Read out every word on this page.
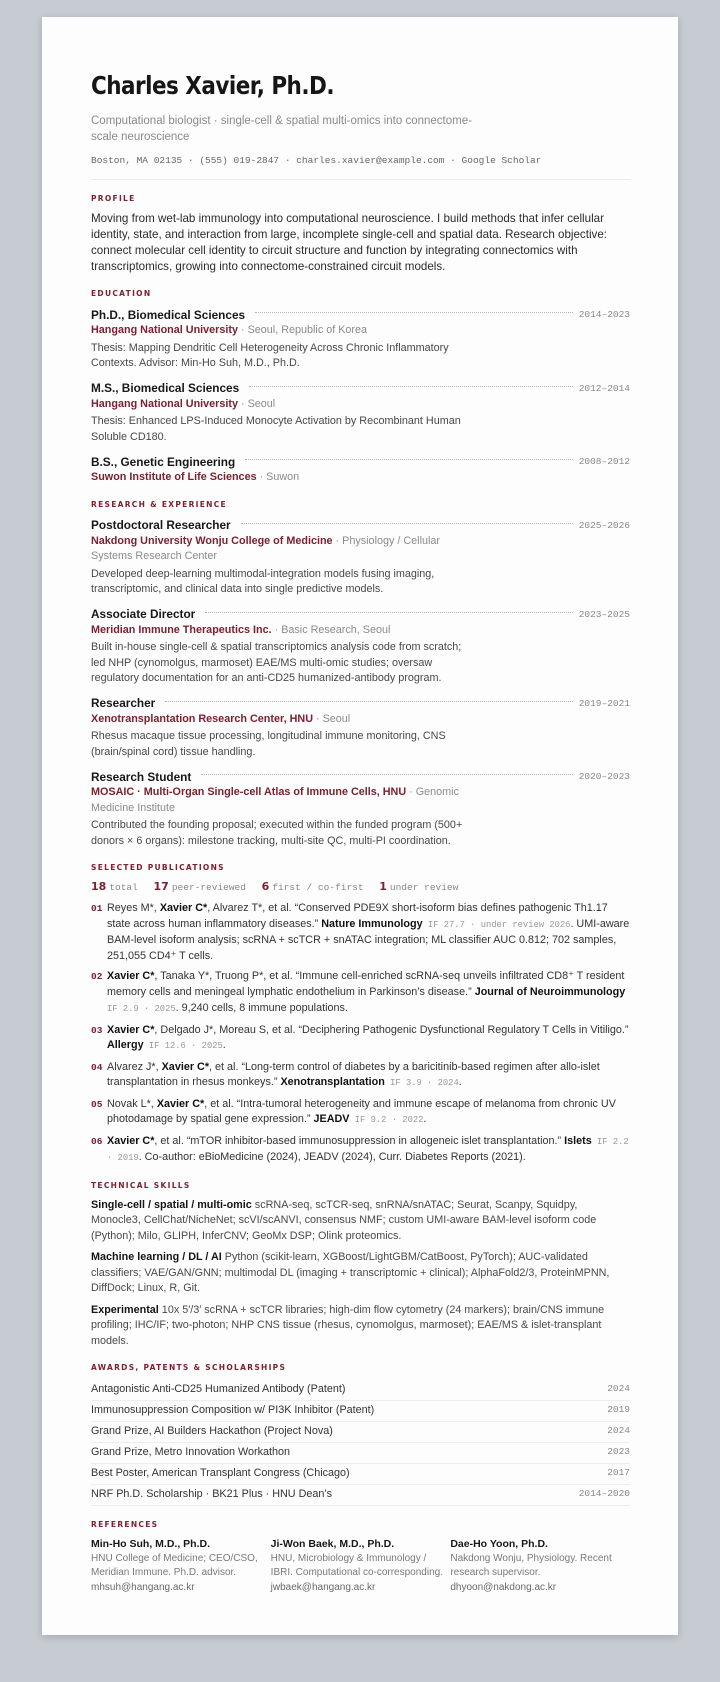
Charles Xavier, Ph.D.
Computational biologist · single-cell & spatial multi-omics into connectome-scale neuroscience
Boston, MA 02135 · (555) 019-2847 · charles.xavier@example.com · Google Scholar
PROFILE

Moving from wet-lab immunology into computational neuroscience. I build methods that infer cellular identity, state, and interaction from large, incomplete single-cell and spatial data. Research objective: connect molecular cell identity to circuit structure and function by integrating connectomics with transcriptomics, growing into connectome-constrained circuit models.

EDUCATION
Ph.D., Biomedical Sciences	2014–2023
Hangang National University · Seoul, Republic of Korea
Thesis: Mapping Dendritic Cell Heterogeneity Across Chronic Inflammatory Contexts. Advisor: Min-Ho Suh, M.D., Ph.D.
M.S., Biomedical Sciences	2012–2014
Hangang National University · Seoul
Thesis: Enhanced LPS-Induced Monocyte Activation by Recombinant Human Soluble CD180.
B.S., Genetic Engineering	2008–2012
Suwon Institute of Life Sciences · Suwon
RESEARCH & EXPERIENCE
Postdoctoral Researcher	2025–2026
Nakdong University Wonju College of Medicine · Physiology / Cellular Systems Research Center
Developed deep-learning multimodal-integration models fusing imaging, transcriptomic, and clinical data into single predictive models.
Associate Director	2023–2025
Meridian Immune Therapeutics Inc. · Basic Research, Seoul
Built in-house single-cell & spatial transcriptomics analysis code from scratch; led NHP (cynomolgus, marmoset) EAE/MS multi-omic studies; oversaw regulatory documentation for an anti-CD25 humanized-antibody program.
Researcher	2019–2021
Xenotransplantation Research Center, HNU · Seoul
Rhesus macaque tissue processing, longitudinal immune monitoring, CNS (brain/spinal cord) tissue handling.
Research Student	2020–2023
MOSAIC · Multi-Organ Single-cell Atlas of Immune Cells, HNU · Genomic Medicine Institute
Contributed the founding proposal; executed within the funded program (500+ donors × 6 organs): milestone tracking, multi-site QC, multi-PI coordination.
SELECTED PUBLICATIONS
18 total 17 peer-reviewed 6 first / co-first 1 under review
01 Reyes M*, Xavier C*, Alvarez T*, et al. “Conserved PDE9X short-isoform bias defines pathogenic Th1.17 state across human inflammatory diseases.” Nature Immunology IF 27.7 · under review 2026. UMI-aware BAM-level isoform analysis; scRNA + scTCR + snATAC integration; ML classifier AUC 0.812; 702 samples, 251,055 CD4⁺ T cells.
02 Xavier C*, Tanaka Y*, Truong P*, et al. “Immune cell-enriched scRNA-seq unveils infiltrated CD8⁺ T resident memory cells and meningeal lymphatic endothelium in Parkinson’s disease.” Journal of Neuroimmunology IF 2.9 · 2025. 9,240 cells, 8 immune populations.
03 Xavier C*, Delgado J*, Moreau S, et al. “Deciphering Pathogenic Dysfunctional Regulatory T Cells in Vitiligo.” Allergy IF 12.6 · 2025.
04 Alvarez J*, Xavier C*, et al. “Long-term control of diabetes by a baricitinib-based regimen after allo-islet transplantation in rhesus monkeys.” Xenotransplantation IF 3.9 · 2024.
05 Novak L*, Xavier C*, et al. “Intra-tumoral heterogeneity and immune escape of melanoma from chronic UV photodamage by spatial gene expression.” JEADV IF 9.2 · 2022.
06 Xavier C*, et al. “mTOR inhibitor-based immunosuppression in allogeneic islet transplantation.” Islets IF 2.2 · 2019. Co-author: eBioMedicine (2024), JEADV (2024), Curr. Diabetes Reports (2021).
TECHNICAL SKILLS
Single-cell / spatial / multi-omic scRNA-seq, scTCR-seq, snRNA/snATAC; Seurat, Scanpy, Squidpy, Monocle3, CellChat/NicheNet; scVI/scANVI, consensus NMF; custom UMI-aware BAM-level isoform code (Python); Milo, GLIPH, InferCNV; GeoMx DSP; Olink proteomics.
Machine learning / DL / AI Python (scikit-learn, XGBoost/LightGBM/CatBoost, PyTorch); AUC-validated classifiers; VAE/GAN/GNN; multimodal DL (imaging + transcriptomic + clinical); AlphaFold2/3, ProteinMPNN, DiffDock; Linux, R, Git.
Experimental 10x 5′/3′ scRNA + scTCR libraries; high-dim flow cytometry (24 markers); brain/CNS immune profiling; IHC/IF; two-photon; NHP CNS tissue (rhesus, cynomolgus, marmoset); EAE/MS & islet-transplant models.
AWARDS, PATENTS & SCHOLARSHIPS
Antagonistic Anti-CD25 Humanized Antibody (Patent)	2024
Immunosuppression Composition w/ PI3K Inhibitor (Patent)	2019
Grand Prize, AI Builders Hackathon (Project Nova)	2024
Grand Prize, Metro Innovation Workathon	2023
Best Poster, American Transplant Congress (Chicago)	2017
NRF Ph.D. Scholarship · BK21 Plus · HNU Dean’s	2014–2020
REFERENCES
Min-Ho Suh, M.D., Ph.D.
HNU College of Medicine; CEO/CSO, Meridian Immune. Ph.D. advisor.
mhsuh@hangang.ac.kr
Ji-Won Baek, M.D., Ph.D.
HNU, Microbiology & Immunology / IBRI. Computational co-corresponding.
jwbaek@hangang.ac.kr
Dae-Ho Yoon, Ph.D.
Nakdong Wonju, Physiology. Recent research supervisor.
dhyoon@nakdong.ac.kr
